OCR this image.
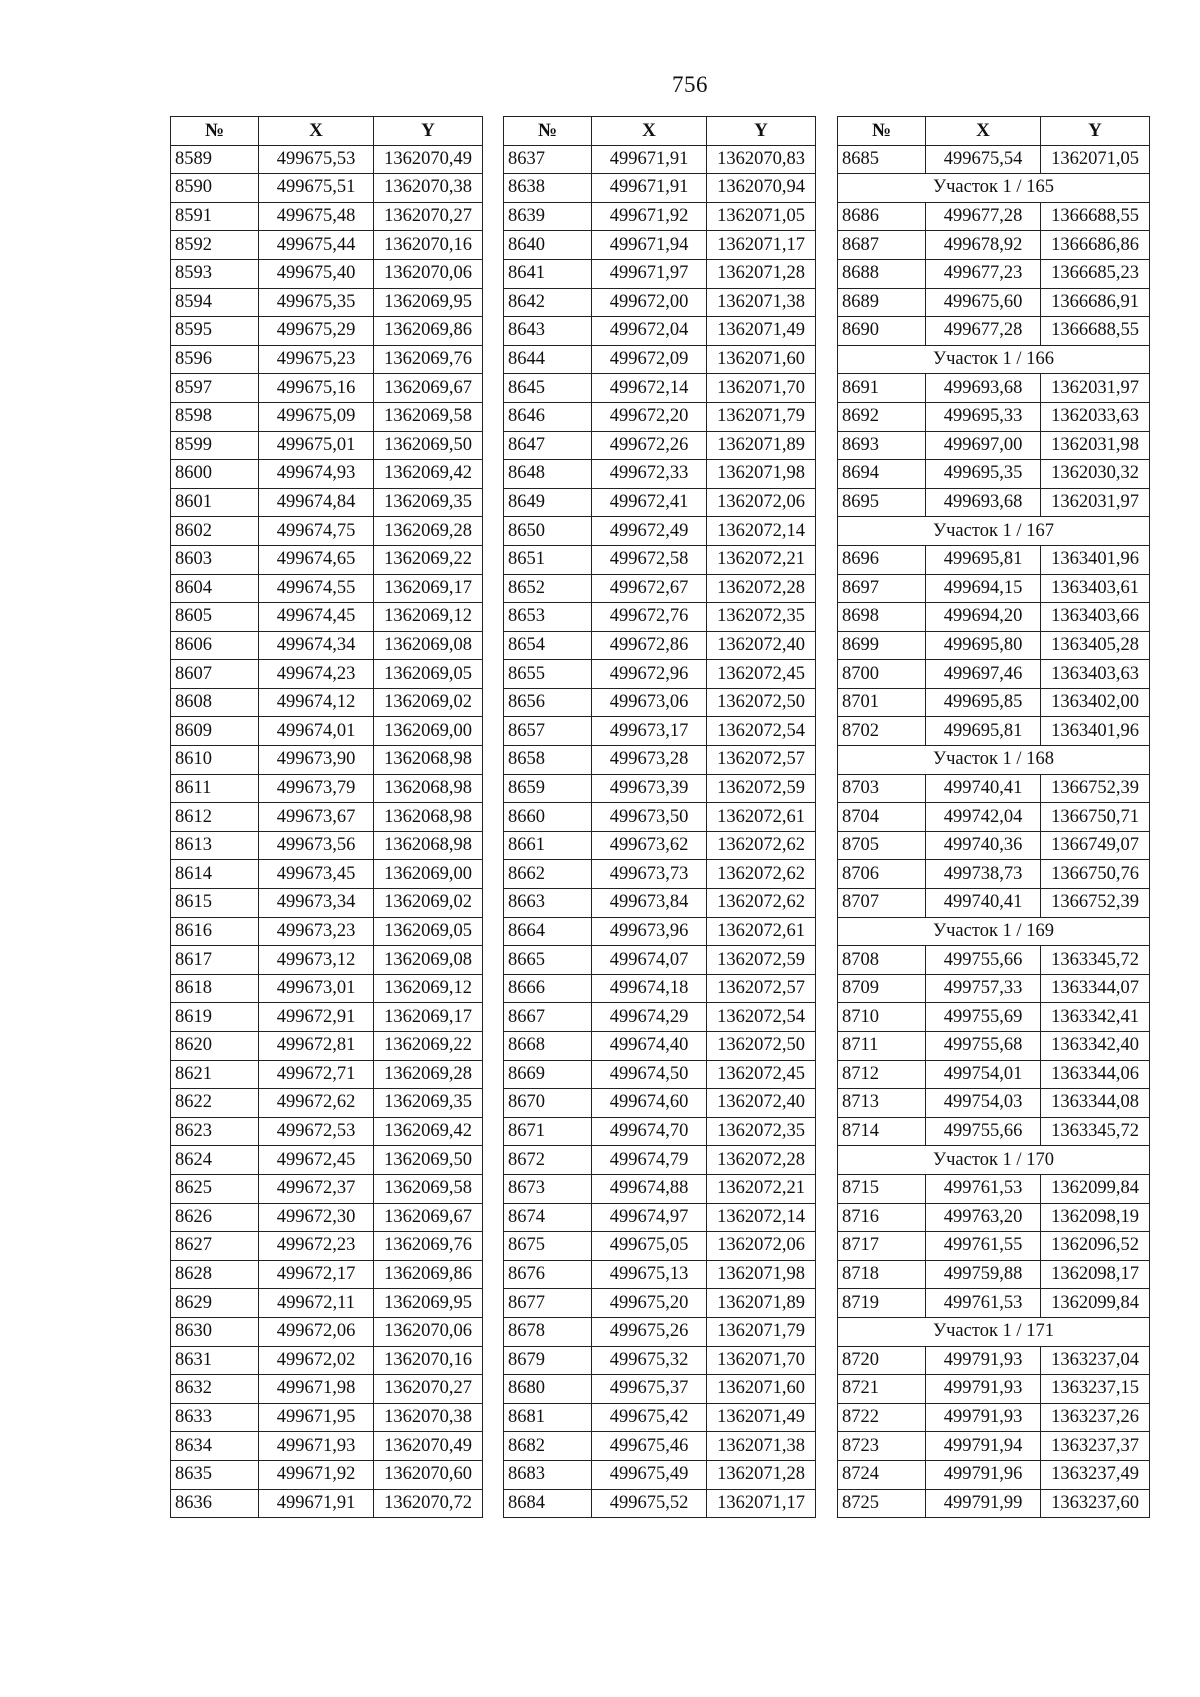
756
№	X	Y
8589	499675,53	1362070,49
8590	499675,51	1362070,38
8591	499675,48	1362070,27
8592	499675,44	1362070,16
8593	499675,40	1362070,06
8594	499675,35	1362069,95
8595	499675,29	1362069,86
8596	499675,23	1362069,76
8597	499675,16	1362069,67
8598	499675,09	1362069,58
8599	499675,01	1362069,50
8600	499674,93	1362069,42
8601	499674,84	1362069,35
8602	499674,75	1362069,28
8603	499674,65	1362069,22
8604	499674,55	1362069,17
8605	499674,45	1362069,12
8606	499674,34	1362069,08
8607	499674,23	1362069,05
8608	499674,12	1362069,02
8609	499674,01	1362069,00
8610	499673,90	1362068,98
8611	499673,79	1362068,98
8612	499673,67	1362068,98
8613	499673,56	1362068,98
8614	499673,45	1362069,00
8615	499673,34	1362069,02
8616	499673,23	1362069,05
8617	499673,12	1362069,08
8618	499673,01	1362069,12
8619	499672,91	1362069,17
8620	499672,81	1362069,22
8621	499672,71	1362069,28
8622	499672,62	1362069,35
8623	499672,53	1362069,42
8624	499672,45	1362069,50
8625	499672,37	1362069,58
8626	499672,30	1362069,67
8627	499672,23	1362069,76
8628	499672,17	1362069,86
8629	499672,11	1362069,95
8630	499672,06	1362070,06
8631	499672,02	1362070,16
8632	499671,98	1362070,27
8633	499671,95	1362070,38
8634	499671,93	1362070,49
8635	499671,92	1362070,60
8636	499671,91	1362070,72
№	X	Y
8637	499671,91	1362070,83
8638	499671,91	1362070,94
8639	499671,92	1362071,05
8640	499671,94	1362071,17
8641	499671,97	1362071,28
8642	499672,00	1362071,38
8643	499672,04	1362071,49
8644	499672,09	1362071,60
8645	499672,14	1362071,70
8646	499672,20	1362071,79
8647	499672,26	1362071,89
8648	499672,33	1362071,98
8649	499672,41	1362072,06
8650	499672,49	1362072,14
8651	499672,58	1362072,21
8652	499672,67	1362072,28
8653	499672,76	1362072,35
8654	499672,86	1362072,40
8655	499672,96	1362072,45
8656	499673,06	1362072,50
8657	499673,17	1362072,54
8658	499673,28	1362072,57
8659	499673,39	1362072,59
8660	499673,50	1362072,61
8661	499673,62	1362072,62
8662	499673,73	1362072,62
8663	499673,84	1362072,62
8664	499673,96	1362072,61
8665	499674,07	1362072,59
8666	499674,18	1362072,57
8667	499674,29	1362072,54
8668	499674,40	1362072,50
8669	499674,50	1362072,45
8670	499674,60	1362072,40
8671	499674,70	1362072,35
8672	499674,79	1362072,28
8673	499674,88	1362072,21
8674	499674,97	1362072,14
8675	499675,05	1362072,06
8676	499675,13	1362071,98
8677	499675,20	1362071,89
8678	499675,26	1362071,79
8679	499675,32	1362071,70
8680	499675,37	1362071,60
8681	499675,42	1362071,49
8682	499675,46	1362071,38
8683	499675,49	1362071,28
8684	499675,52	1362071,17
№	X	Y
8685	499675,54	1362071,05
Участок 1 / 165		
8686	499677,28	1366688,55
8687	499678,92	1366686,86
8688	499677,23	1366685,23
8689	499675,60	1366686,91
8690	499677,28	1366688,55
Участок 1 / 166		
8691	499693,68	1362031,97
8692	499695,33	1362033,63
8693	499697,00	1362031,98
8694	499695,35	1362030,32
8695	499693,68	1362031,97
Участок 1 / 167		
8696	499695,81	1363401,96
8697	499694,15	1363403,61
8698	499694,20	1363403,66
8699	499695,80	1363405,28
8700	499697,46	1363403,63
8701	499695,85	1363402,00
8702	499695,81	1363401,96
Участок 1 / 168		
8703	499740,41	1366752,39
8704	499742,04	1366750,71
8705	499740,36	1366749,07
8706	499738,73	1366750,76
8707	499740,41	1366752,39
Участок 1 / 169		
8708	499755,66	1363345,72
8709	499757,33	1363344,07
8710	499755,69	1363342,41
8711	499755,68	1363342,40
8712	499754,01	1363344,06
8713	499754,03	1363344,08
8714	499755,66	1363345,72
Участок 1 / 170		
8715	499761,53	1362099,84
8716	499763,20	1362098,19
8717	499761,55	1362096,52
8718	499759,88	1362098,17
8719	499761,53	1362099,84
Участок 1 / 171		
8720	499791,93	1363237,04
8721	499791,93	1363237,15
8722	499791,93	1363237,26
8723	499791,94	1363237,37
8724	499791,96	1363237,49
8725	499791,99	1363237,60
